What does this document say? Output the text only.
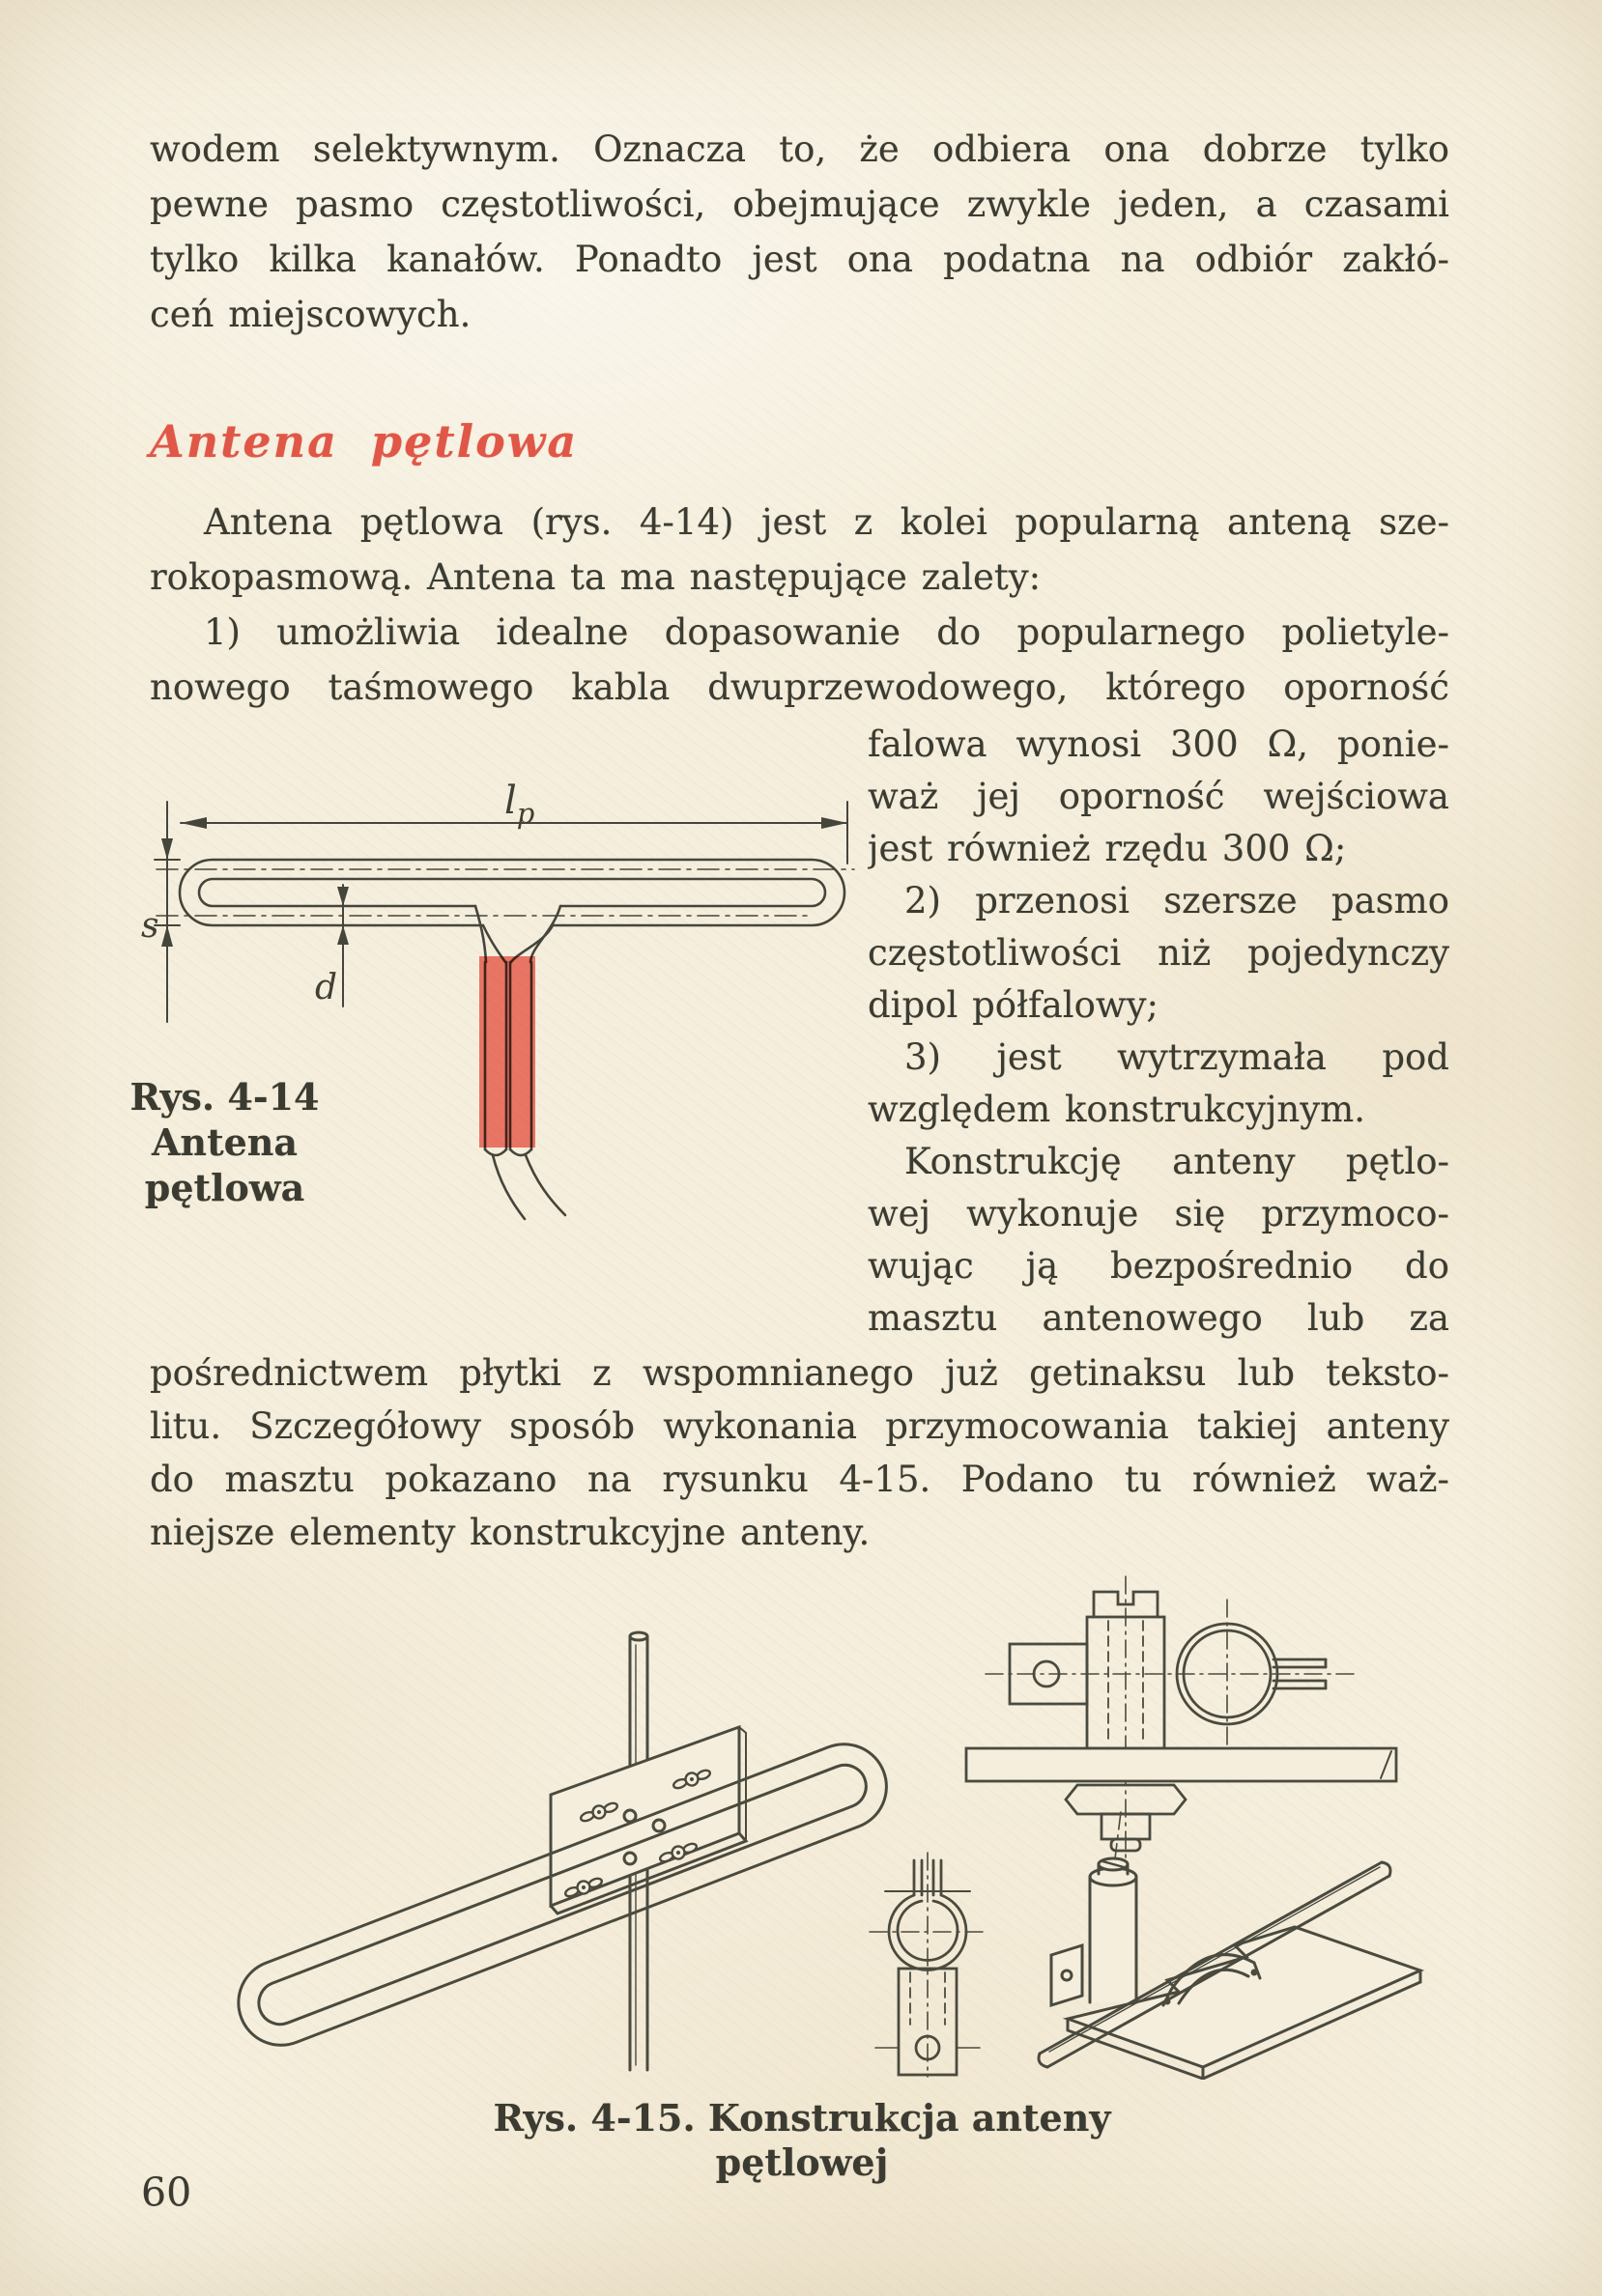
wodem selektywnym. Oznacza to, że odbiera ona dobrze tylko
pewne pasmo częstotliwości, obejmujące zwykle jeden, a czasami
tylko kilka kanałów. Ponadto jest ona podatna na odbiór zakłó-
ceń miejscowych.
Antena pętlowa
Antena pętlowa (rys. 4-14) jest z kolei popularną anteną sze-
rokopasmową. Antena ta ma następujące zalety:
1) umożliwia idealne dopasowanie do popularnego polietyle-
nowego taśmowego kabla dwuprzewodowego, którego oporność
falowa wynosi 300 Ω, ponie-
waż jej oporność wejściowa
jest również rzędu 300 Ω;
2) przenosi szersze pasmo
częstotliwości niż pojedynczy
dipol półfalowy;
3) jest wytrzymała pod
względem konstrukcyjnym.
Konstrukcję anteny pętlo-
wej wykonuje się przymoco-
wując ją bezpośrednio do
masztu antenowego lub za
pośrednictwem płytki z wspomnianego już getinaksu lub teksto-
litu. Szczegółowy sposób wykonania przymocowania takiej anteny
do masztu pokazano na rysunku 4-15. Podano tu również waż-
niejsze elementy konstrukcyjne anteny.
$l_p$
s
d
Rys. 4-14
Antena
pętlowa
Rys. 4-15. Konstrukcja anteny pętlowej
60
